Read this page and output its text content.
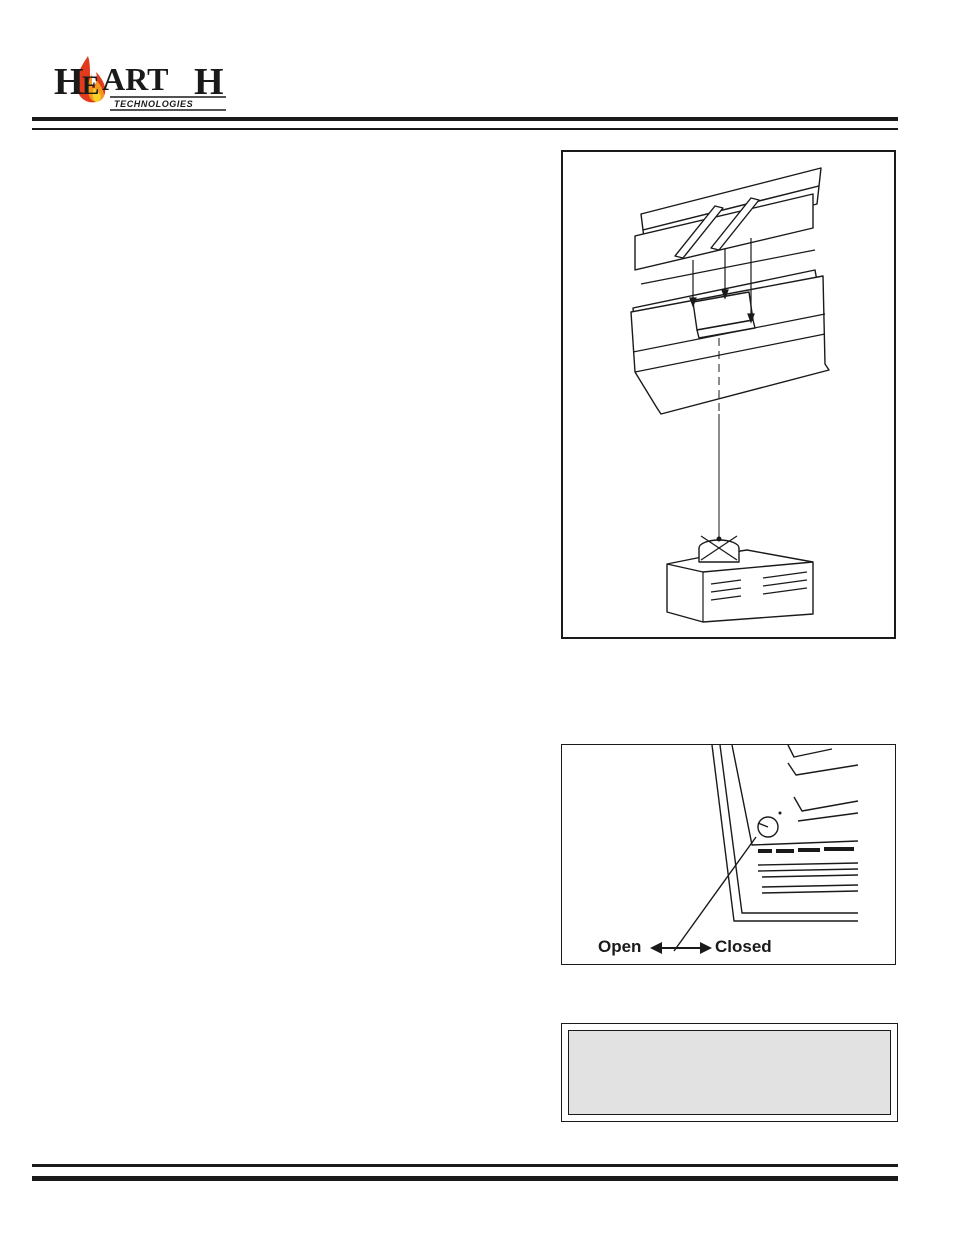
H
E ART H
TECHNOLOGIES
Open	Closed
